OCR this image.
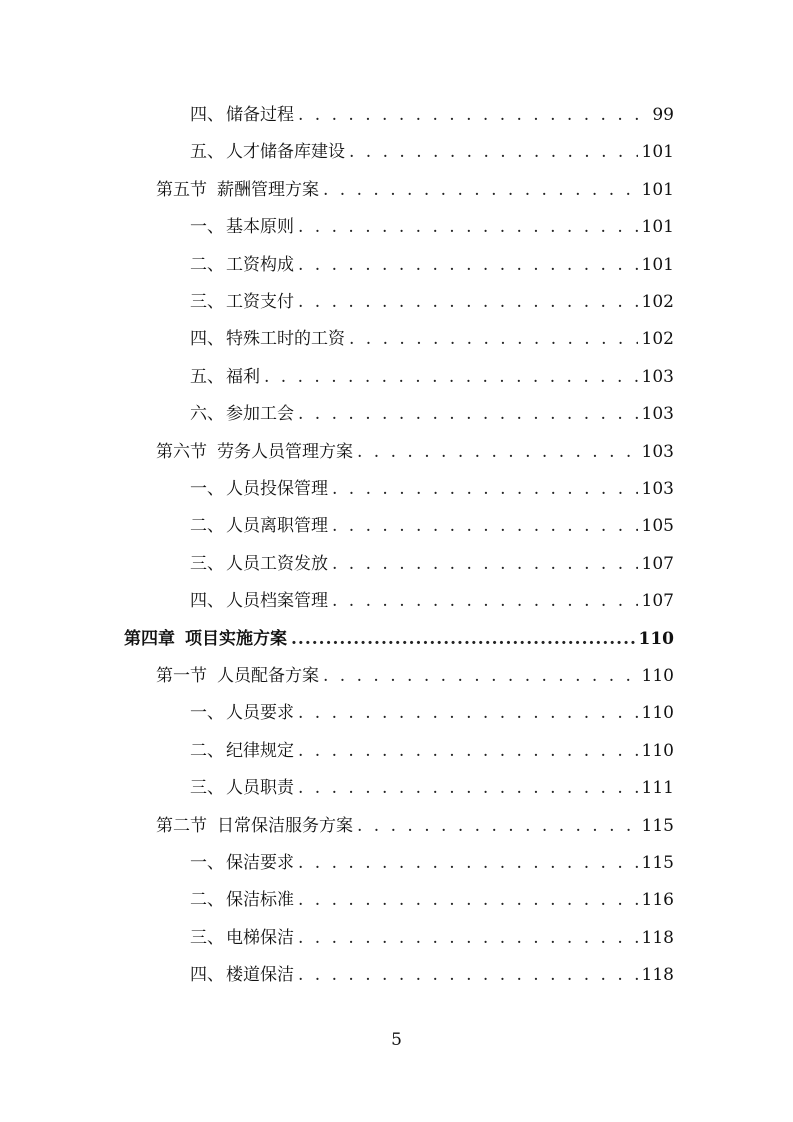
四、 储备过程 . . .	99
五、 人才储备库建设 . . .	101
第五节 薪酬管理方案 . . .	101
一、 基本原则 . . .	101
二、 工资构成 . . .	101
三、 工资支付 . . .	102
四、 特殊工时的工资 . . .	102
五、 福利 . . .	103
六、 参加工会 . . .	103
第六节 劳务人员管理方案 . . .	103
一、 人员投保管理 . . .	103
二、 人员离职管理 . . .	105
三、 人员工资发放 . . .	107
四、 人员档案管理 . . .	107
第四章 项目实施方案 .....	110
第一节 人员配备方案 . . .	110
一、 人员要求 . . .	110
二、 纪律规定 . . .	110
三、 人员职责 . . .	111
第二节 日常保洁服务方案 . . .	115
一、 保洁要求 . . .	115
二、 保洁标准 . . .	116
三、 电梯保洁 . . .	118
四、 楼道保洁 . . .	118
5
